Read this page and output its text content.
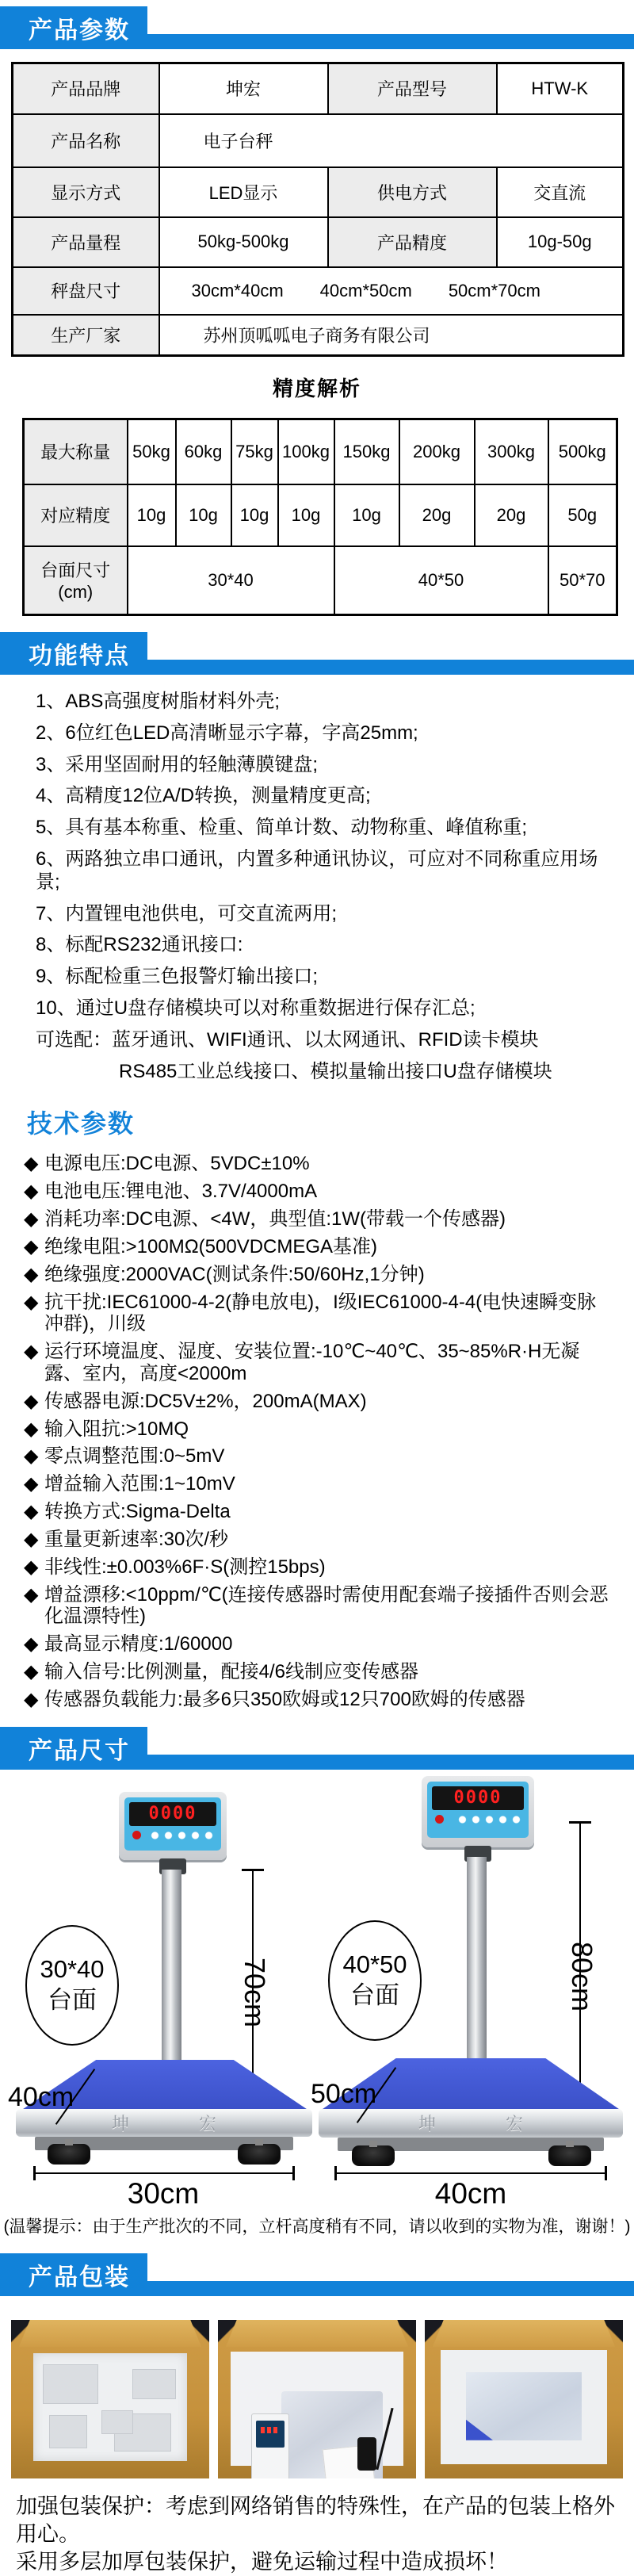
产品参数
产品品牌	坤宏	产品型号	HTW-K
产品名称	电子台秤		
显示方式	LED显示	供电方式	交直流
产品量程	50kg-500kg	产品精度	10g-50g
秤盘尺寸	30cm*40cm 40cm*50cm 50cm*70cm		

生产厂家	苏州顶呱呱电子商务有限公司		
精度解析
最大称量	50kg	60kg	75kg	100kg	150kg	200kg	300kg	500kg
对应精度	10g	10g	10g	10g	10g	20g	20g	50g
台面尺寸(cm)	30*40				40*50			50*70
功能特点
1、ABS高强度树脂材料外壳;
2、6位红色LED高清晰显示字幕，字高25mm;
3、采用坚固耐用的轻触薄膜键盘;
4、高精度12位A/D转换，测量精度更高;
5、具有基本称重、检重、简单计数、动物称重、峰值称重;
6、两路独立串口通讯，内置多种通讯协议，可应对不同称重应用场景;
7、内置锂电池供电，可交直流两用;
8、标配RS232通讯接口:
9、标配检重三色报警灯输出接口;
10、通过U盘存储模块可以对称重数据进行保存汇总;
可选配：蓝牙通讯、WIFI通讯、以太网通讯、RFID读卡模块
RS485工业总线接口、模拟量输出接口U盘存储模块
技术参数
◆ 电源电压:DC电源、5VDC±10%
◆ 电池电压:锂电池、3.7V/4000mA
◆ 消耗功率:DC电源、<4W，典型值:1W(带载一个传感器)
◆ 绝缘电阻:>100MΩ(500VDCMEGA基准)
◆ 绝缘强度:2000VAC(测试条件:50/60Hz,1分钟)
◆ 抗干扰:IEC61000-4-2(静电放电)，I级IEC61000-4-4(电快速瞬变脉冲群)，川级
◆ 运行环境温度、湿度、安装位置:-10℃~40℃、35~85%R·H无凝露、室内，高度<2000m
◆ 传感器电源:DC5V±2%，200mA(MAX)
◆ 输入阻抗:>10MQ
◆ 零点调整范围:0~5mV
◆ 增益输入范围:1~10mV
◆ 转换方式:Sigma-Delta
◆ 重量更新速率:30次/秒
◆ 非线性:±0.003%6F·S(测控15bps)
◆ 增益漂移:<10ppm/℃(连接传感器时需使用配套端子接插件否则会恶化温漂特性)
◆ 最高显示精度:1/60000
◆ 输入信号:比例测量，配接4/6线制应变传感器
◆ 传感器负载能力:最多6只350欧姆或12只700欧姆的传感器
产品尺寸
0000
30*40
台面	70cm
坤宏
40cm
30cm
0000
40*50
台面	80cm
坤宏
50cm
40cm
(温馨提示：由于生产批次的不同，立杆高度稍有不同，请以收到的实物为准，谢谢！)
产品包装
加强包装保护：考虑到网络销售的特殊性，在产品的包装上格外用心。
采用多层加厚包装保护，避免运输过程中造成损坏！
